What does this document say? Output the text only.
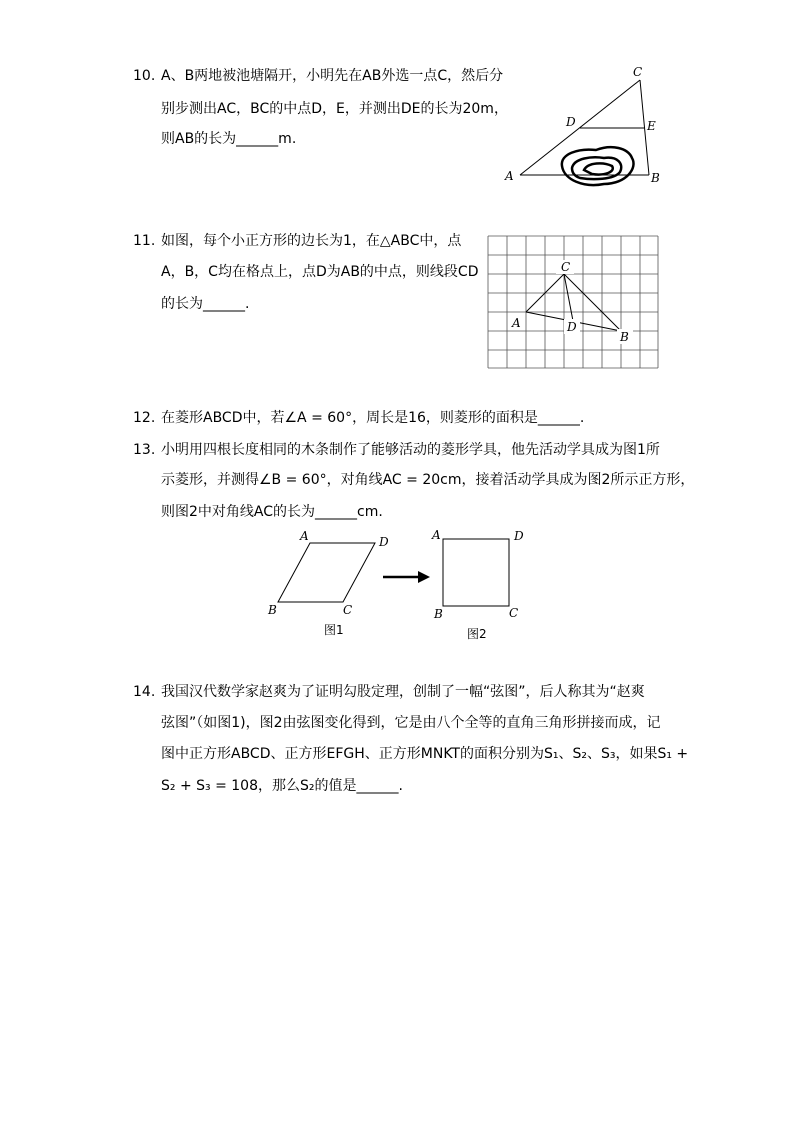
10. A、B两地被池塘隔开，小明先在AB外选一点C，然后分
别步测出AC，BC的中点D，E，并测出DE的长为20m，
则AB的长为______m.
A	B
C
D	E
11. 如图，每个小正方形的边长为1，在△ABC中，点
A，B，C均在格点上，点D为AB的中点，则线段CD
的长为______.
C
A	D
B
12. 在菱形ABCD中，若∠A = 60°，周长是16，则菱形的面积是______.
13. 小明用四根长度相同的木条制作了能够活动的菱形学具，他先活动学具成为图1所
示菱形，并测得∠B = 60°，对角线AC = 20cm，接着活动学具成为图2所示正方形，
则图2中对角线AC的长为______cm.
A	D
B	C
图1
A	D
B	C
图2
14. 我国汉代数学家赵爽为了证明勾股定理，创制了一幅“弦图”，后人称其为“赵爽
弦图”（如图1)，图2由弦图变化得到，它是由八个全等的直角三角形拼接而成，记
图中正方形ABCD、正方形EFGH、正方形MNKT的面积分别为S₁、S₂、S₃，如果S₁ +
S₂ + S₃ = 108，那么S₂的值是______.
